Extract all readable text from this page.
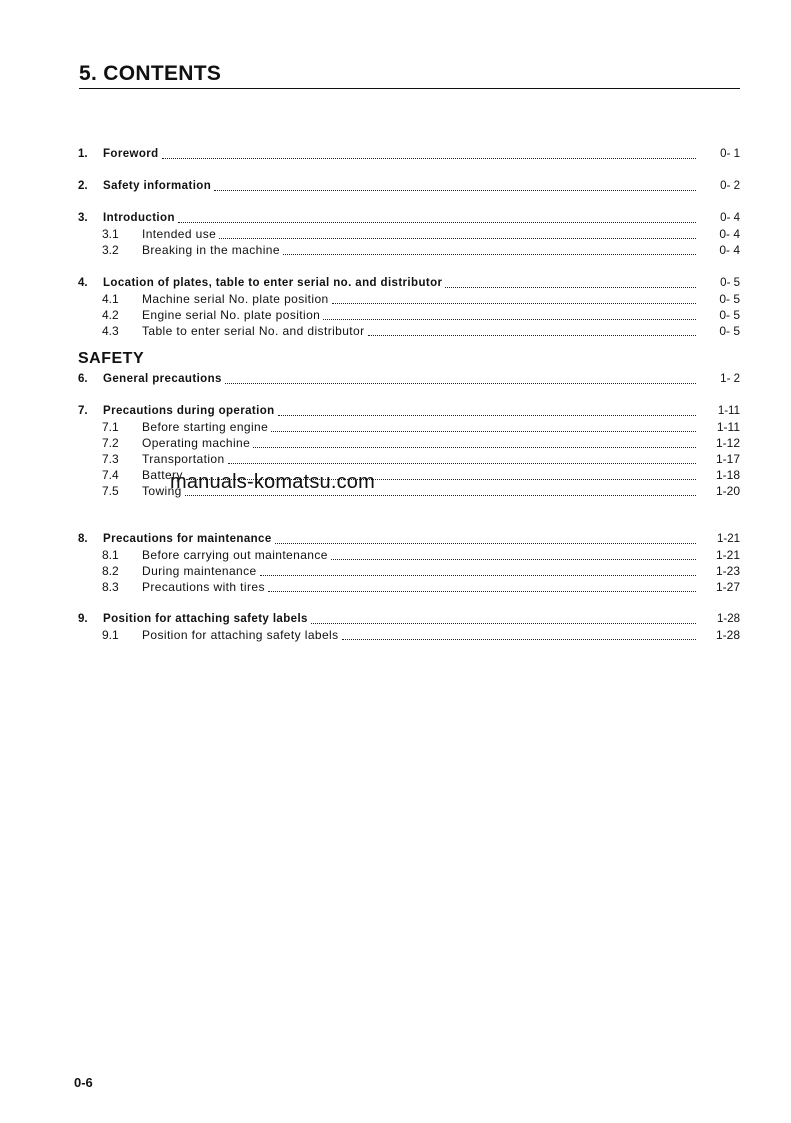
5. CONTENTS
1.	Foreword	0- 1
2.	Safety information	0- 2
3.	Introduction	0- 4
3.1	Intended use	0- 4
3.2	Breaking in the machine	0- 4
4.	Location of plates, table to enter serial no. and distributor	0- 5
4.1	Machine serial No. plate position	0- 5
4.2	Engine serial No. plate position	0- 5
4.3	Table to enter serial No. and distributor	0- 5
SAFETY
6.	General precautions	1- 2
7.	Precautions during operation	1-11
7.1	Before starting engine	1-11
7.2	Operating machine	1-12
7.3	Transportation	1-17
7.4	Battery	1-18
7.5	Towing	1-20
manuals-komatsu.com
8.	Precautions for maintenance	1-21
8.1	Before carrying out maintenance	1-21
8.2	During maintenance	1-23
8.3	Precautions with tires	1-27
9.	Position for attaching safety labels	1-28
9.1	Position for attaching safety labels	1-28
0-6
